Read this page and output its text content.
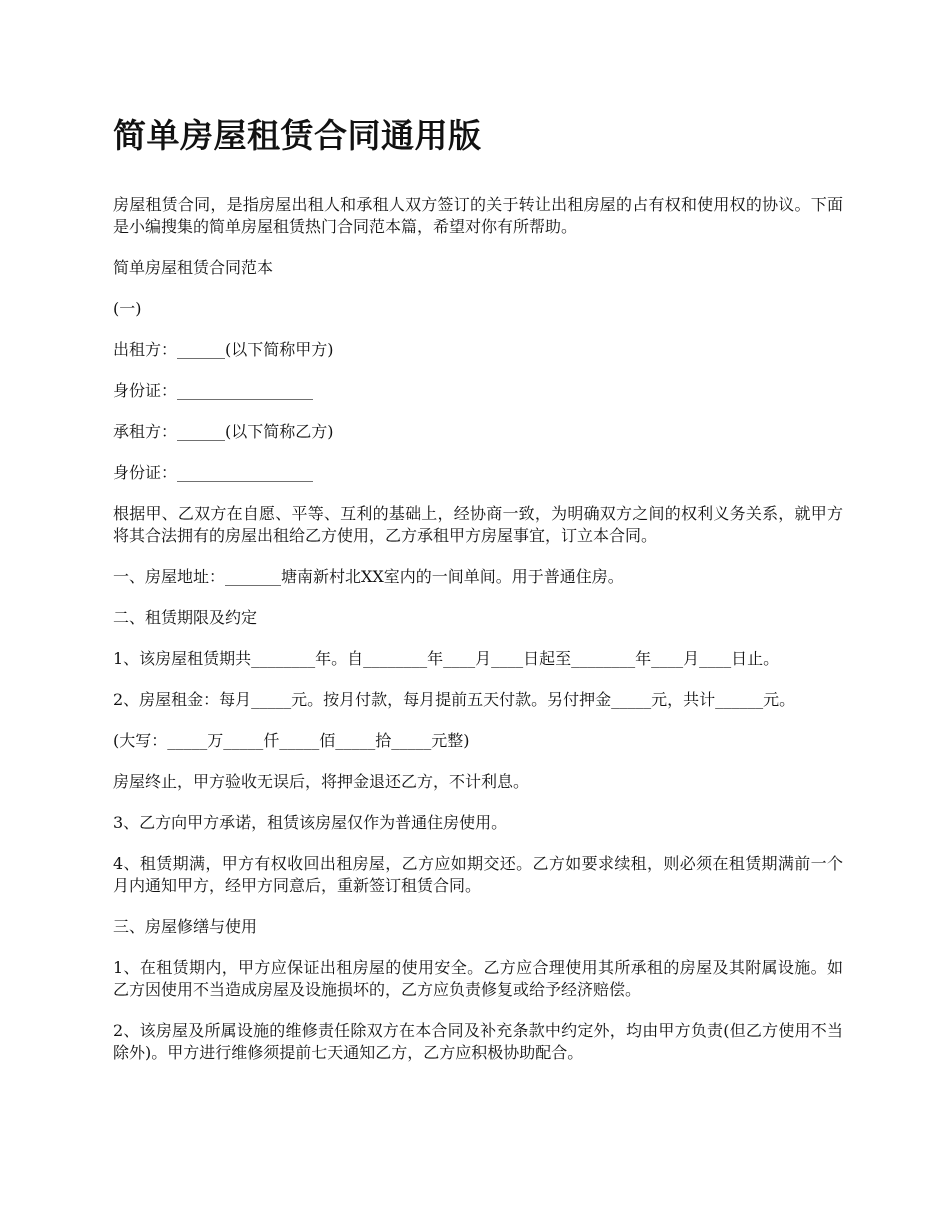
简单房屋租赁合同通用版

房屋租赁合同，是指房屋出租人和承租人双方签订的关于转让出租房屋的占有权和使用权的协议。下面是小编搜集的简单房屋租赁热门合同范本篇，希望对你有所帮助。

简单房屋租赁合同范本

(一)

出租方：______(以下简称甲方)

身份证：_________________

承租方：______(以下简称乙方)

身份证：_________________

根据甲、乙双方在自愿、平等、互利的基础上，经协商一致，为明确双方之间的权利义务关系，就甲方将其合法拥有的房屋出租给乙方使用，乙方承租甲方房屋事宜，订立本合同。

一、房屋地址：_______塘南新村北XX室内的一间单间。用于普通住房。

二、租赁期限及约定

1、该房屋租赁期共________年。自________年____月____日起至________年____月____日止。

2、房屋租金：每月_____元。按月付款，每月提前五天付款。另付押金_____元，共计______元。

(大写：_____万_____仟_____佰_____拾_____元整)

房屋终止，甲方验收无误后，将押金退还乙方，不计利息。

3、乙方向甲方承诺，租赁该房屋仅作为普通住房使用。

4、租赁期满，甲方有权收回出租房屋，乙方应如期交还。乙方如要求续租，则必须在租赁期满前一个月内通知甲方，经甲方同意后，重新签订租赁合同。

三、房屋修缮与使用

1、在租赁期内，甲方应保证出租房屋的使用安全。乙方应合理使用其所承租的房屋及其附属设施。如乙方因使用不当造成房屋及设施损坏的，乙方应负责修复或给予经济赔偿。

2、该房屋及所属设施的维修责任除双方在本合同及补充条款中约定外，均由甲方负责(但乙方使用不当除外)。甲方进行维修须提前七天通知乙方，乙方应积极协助配合。
